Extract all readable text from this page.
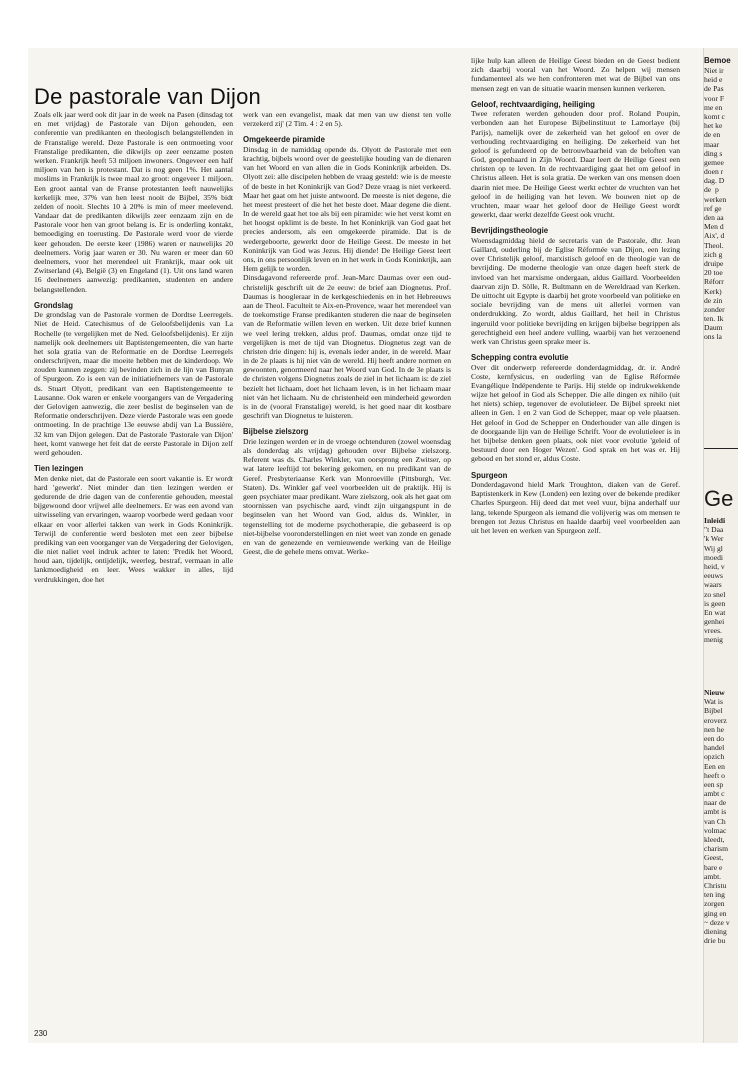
De pastorale van Dijon

Zoals elk jaar werd ook dit jaar in de week na Pasen (dinsdag tot en met vrijdag) de Pastorale van Dijon gehouden, een conferentie van predikanten en theologisch belangstellenden in de Franstalige wereld. Deze Pastorale is een ontmoeting voor Franstalige predikanten, die dikwijls op zeer eenzame posten werken. Frankrijk heeft 53 miljoen inwoners. Ongeveer een half miljoen van hen is protestant. Dat is nog geen 1%. Het aantal moslims in Frankrijk is twee maal zo groot: ongeveer 1 miljoen. Een groot aantal van de Franse protestanten leeft nauwelijks kerkelijk mee, 37% van hen leest nooit de Bijbel, 35% bidt zelden of nooit. Slechts 10 à 20% is min of meer meelevend. Vandaar dat de predikanten dikwijls zeer eenzaam zijn en de Pastorale voor hen van groot belang is. Er is onderling kontakt, bemoediging en toerusting. De Pastorale werd voor de vierde keer gehouden. De eerste keer (1986) waren er nauwelijks 20 deelnemers. Vorig jaar waren er 30. Nu waren er meer dan 60 deelnemers, voor het merendeel uit Frankrijk, maar ook uit Zwitserland (4), België (3) en Engeland (1). Uit ons land waren 16 deelnemers aanwezig: predikanten, studenten en andere belangstellenden.

Grondslag

De grondslag van de Pastorale vormen de Dordtse Leerregels. Niet de Heid. Catechismus of de Geloofsbelijdenis van La Rochelle (te vergelijken met de Ned. Geloofsbelijdenis). Er zijn namelijk ook deelnemers uit Baptistengemeenten, die van harte het sola gratia van de Reformatie en de Dordtse Leerregels onderschrijven, maar die moeite hebben met de kinderdoop. We zouden kunnen zeggen: zij bevinden zich in de lijn van Bunyan of Spurgeon. Zo is een van de initiatiefnemers van de Pastorale ds. Stuart Olyott, predikant van een Baptistengemeente te Lausanne. Ook waren er enkele voorgangers van de Vergadering der Gelovigen aanwezig, die zeer beslist de beginselen van de Reformatie onderschrijven. Deze vierde Pastorale was een goede ontmoeting. In de prachtige 13e eeuwse abdij van La Bussière, 32 km van Dijon gelegen. Dat de Pastorale 'Pastorale van Dijon' heet, komt vanwege het feit dat de eerste Pastorale in Dijon zelf werd gehouden.

Tien lezingen

Men denke niet, dat de Pastorale een soort vakantie is. Er wordt hard 'gewerkt'. Niet minder dan tien lezingen werden er gedurende de drie dagen van de conferentie gehouden, meestal bijgewoond door vrijwel alle deelnemers. Er was een avond van uitwisseling van ervaringen, waarop voorbede werd gedaan voor elkaar en voor allerlei takken van werk in Gods Koninkrijk. Terwijl de conferentie werd besloten met een zeer bijbelse prediking van een voorganger van de Vergadering der Gelovigen, die niet naliet veel indruk achter te laten: 'Predik het Woord, houd aan, tijdelijk, ontijdelijk, weerleg, bestraf, vermaan in alle lankmoedigheid en leer. Wees wakker in alles, lijd verdrukkingen, doe het

werk van een evangelist, maak dat men van uw dienst ten volle verzekerd zij' (2 Tim. 4 : 2 en 5).

Omgekeerde piramide

Dinsdag in de namiddag opende ds. Olyott de Pastorale met een krachtig, bijbels woord over de geestelijke houding van de dienaren van het Woord en van allen die in Gods Koninkrijk arbeiden. Ds. Olyott zei: alle discipelen hebben de vraag gesteld: wie is de meeste of de beste in het Koninkrijk van God? Deze vraag is niet verkeerd. Maar het gaat om het juiste antwoord. De meeste is niet degene, die het meest presteert of die het het beste doet. Maar degene die dient. In de wereld gaat het toe als bij een piramide: wie het verst komt en het hoogst opklimt is de beste. In het Koninkrijk van God gaat het precies andersom, als een omgekeerde piramide. Dat is de wedergeboorte, gewerkt door de Heilige Geest. De meeste in het Koninkrijk van God was Jezus. Hij diende! De Heilige Geest leert ons, in ons persoonlijk leven en in het werk in Gods Koninkrijk, aan Hem gelijk te worden.

Dinsdagavond refereerde prof. Jean-Marc Daumas over een oud-christelijk geschrift uit de 2e eeuw: de brief aan Diognetus. Prof. Daumas is hoogleraar in de kerkgeschiedenis en in het Hebreeuws aan de Theol. Faculteit te Aix-en-Provence, waar het merendeel van de toekomstige Franse predikanten studeren die naar de beginselen van de Reformatie willen leven en werken. Uit deze brief kunnen we veel lering trekken, aldus prof. Daumas, omdat onze tijd te vergelijken is met de tijd van Diognetus. Diognetus zegt van de christen drie dingen: hij is, evenals ieder ander, in de wereld. Maar in de 2e plaats is hij niet ván de wereld. Hij heeft andere normen en gewoonten, genormeerd naar het Woord van God. In de 3e plaats is de christen volgens Diognetus zoals de ziel in het lichaam is: de ziel bezielt het lichaam, doet het lichaam leven, is in het lichaam maar niet ván het lichaam. Nu de christenheid een minderheid geworden is in de (vooral Franstalige) wereld, is het goed naar dit kostbare geschrift van Diognetus te luisteren.

Bijbelse zielszorg

Drie lezingen werden er in de vroege ochtenduren (zowel woensdag als donderdag als vrijdag) gehouden over Bijbelse zielszorg. Referent was ds. Charles Winkler, van oorsprong een Zwitser, op wat latere leeftijd tot bekering gekomen, en nu predikant van de Geref. Presbyteriaanse Kerk van Monroeville (Pittsburgh, Ver. Staten). Ds. Winkler gaf veel voorbeelden uit de praktijk. Hij is geen psychiater maar predikant. Ware zielszorg, ook als het gaat om stoornissen van psychische aard, vindt zijn uitgangspunt in de beginselen van het Woord van God, aldus ds. Winkler, in tegenstelling tot de moderne psychotherapie, die gebaseerd is op niet-bijbelse vooronderstellingen en niet weet van zonde en genade en van de genezende en vernieuwende werking van de Heilige Geest, die de gehele mens omvat. Werke-

lijke hulp kan alleen de Heilige Geest bieden en de Geest bedient zich daarbij vooral van het Woord. Zo helpen wij mensen fundamenteel als we hen confronteren met wat de Bijbel van ons mensen zegt en van de situatie waarin mensen kunnen verkeren.

Geloof, rechtvaardiging, heiliging

Twee referaten werden gehouden door prof. Roland Poupin, verbonden aan het Europese Bijbelinstituut te Lamorlaye (bij Parijs), namelijk over de zekerheid van het geloof en over de verhouding rechtvaardiging en heiliging. De zekerheid van het geloof is gefundeerd op de betrouwbaarheid van de beloften van God, geopenbaard in Zijn Woord. Daar leert de Heilige Geest een christen op te leven. In de rechtvaardiging gaat het om geloof in Christus alleen. Het is sola gratia. De werken van ons mensen doen daarin niet mee. De Heilige Geest werkt echter de vruchten van het geloof in de heiliging van het leven. We bouwen niet op de vruchten, maar waar het geloof door de Heilige Geest wordt gewerkt, daar werkt dezelfde Geest ook vrucht.

Bevrijdingstheologie

Woensdagmiddag hield de secretaris van de Pastorale, dhr. Jean Gaillard, ouderling bij de Eglise Réformée van Dijon, een lezing over Christelijk geloof, marxistisch geloof en de theologie van de bevrijding. De moderne theologie van onze dagen heeft sterk de invloed van het marxisme ondergaan, aldus Gaillard. Voorbeelden daarvan zijn D. Sölle, R. Bultmann en de Wereldraad van Kerken. De uittocht uit Egypte is daarbij het grote voorbeeld van politieke en sociale bevrijding van de mens uit allerlei vormen van onderdrukking. Zo wordt, aldus Gaillard, het heil in Christus ingeruild voor politieke bevrijding en krijgen bijbelse begrippen als gerechtigheid een heel andere vulling, waarbij van het verzoenend werk van Christus geen sprake meer is.

Schepping contra evolutie

Over dit onderwerp refereerde donderdagmiddag, dr. ir. André Coste, kernfysicus, en ouderling van de Eglise Réformée Evangélique Indépendente te Parijs. Hij stelde op indrukwekkende wijze het geloof in God als Schepper. Die alle dingen ex nihilo (uit het niets) schiep, tegenover de evolutieleer. De Bijbel spreekt niet alleen in Gen. 1 en 2 van God de Schepper, maar op vele plaatsen. Het geloof in God de Schepper en Onderhouder van alle dingen is de doorgaande lijn van de Heilige Schrift. Voor de evolutieleer is in het bijbelse denken geen plaats, ook niet voor evolutie 'geleid of bestuurd door een Hoger Wezen'. God sprak en het was er. Hij gebood en het stond er, aldus Coste.

Spurgeon

Donderdagavond hield Mark Troughton, diaken van de Geref. Baptistenkerk in Kew (Londen) een lezing over de bekende prediker Charles Spurgeon. Hij deed dat met veel vuur, bijna anderhalf uur lang, tekende Spurgeon als iemand die volijverig was om mensen te brengen tot Jezus Christus en haalde daarbij veel voorbeelden aan uit het leven en werken van Spurgeon zelf.

230
Bemoe
Niet ir
heid e
de Pas
voor F
me en
komt c
het ke
de en
maar
ding s
gemee
doen r
dag. D
de  p
werken
ref ge
den aa
Men d
Aix', d
Theol.
zich g
druipe
20 toe
Réforr
Kerk)
de zin
zonder
ten. Ik
Daum
ons la
Ge
Inleidi
"t Daa
'k Wer
Wij gl
moedi
heid, v
eeuws
waars
zo snel
is geen
En wat
genhei
vrees.
menig
Nieuw
Wat is
Bijbel
eroverz
nen he
een do
handel
opzich
Een en
heeft o
een sp
ambt c
naar de
ambt is
van Ch
volmac
kleedt,
charism
Geest,
bare e
ambt.
Christu
ten ing
zorgen
ging en
~ deze v
diening
drie bu
